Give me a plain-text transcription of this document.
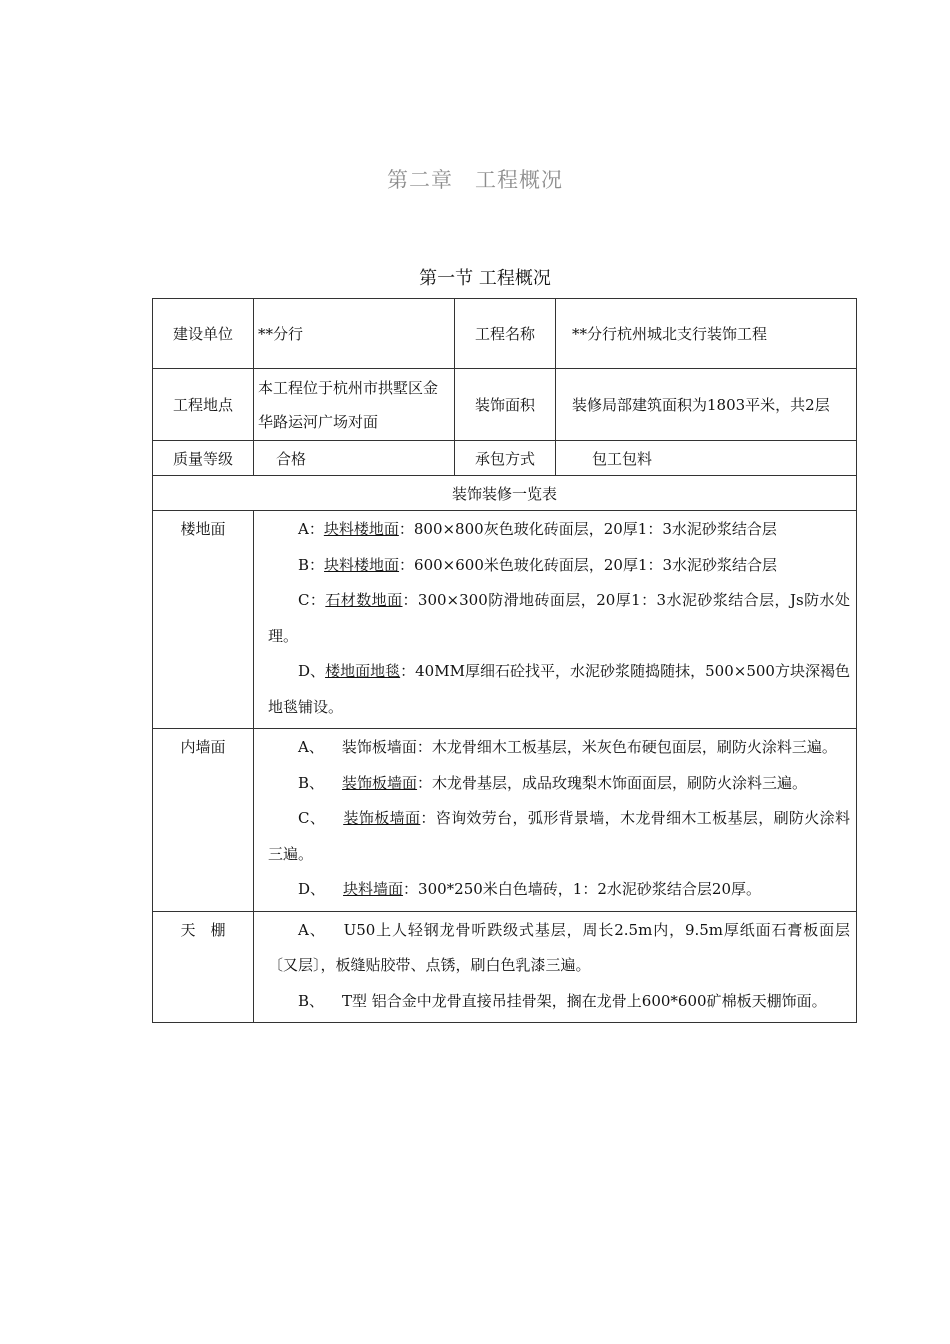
第二章　工程概况
第一节 工程概况
建设单位	**分行	工程名称	**分行杭州城北支行装饰工程
工程地点	本工程位于杭州市拱墅区金华路运河广场对面	装饰面积	装修局部建筑面积为1803平米，共2层
质量等级	合格	承包方式	包工包料
装饰装修一览表			
楼地面	A：块料楼地面：800×800灰色玻化砖面层，20厚1：3水泥砂浆结合层

B：块料楼地面：600×600米色玻化砖面层，20厚1：3水泥砂浆结合层

C：石材数地面：300×300防滑地砖面层，20厚1：3水泥砂浆结合层，Js防水处理。

D、楼地面地毯：40MM厚细石砼找平，水泥砂浆随捣随抹，500×500方块深褐色地毯铺设。		

内墙面	A、 装饰板墙面：木龙骨细木工板基层，米灰色布硬包面层，刷防火涂料三遍。

B、 装饰板墙面：木龙骨基层，成品玫瑰梨木饰面面层，刷防火涂料三遍。

C、 装饰板墙面：咨询效劳台，弧形背景墙，木龙骨细木工板基层，刷防火涂料三遍。

D、 块料墙面：300*250米白色墙砖，1：2水泥砂浆结合层20厚。		

天　棚	A、 U50上人轻钢龙骨听跌级式基层，周长2.5m内，9.5m厚纸面石膏板面层〔又层〕，板缝贴胶带、点锈，刷白色乳漆三遍。

B、 T型 铝合金中龙骨直接吊挂骨架，搁在龙骨上600*600矿棉板天棚饰面。		
